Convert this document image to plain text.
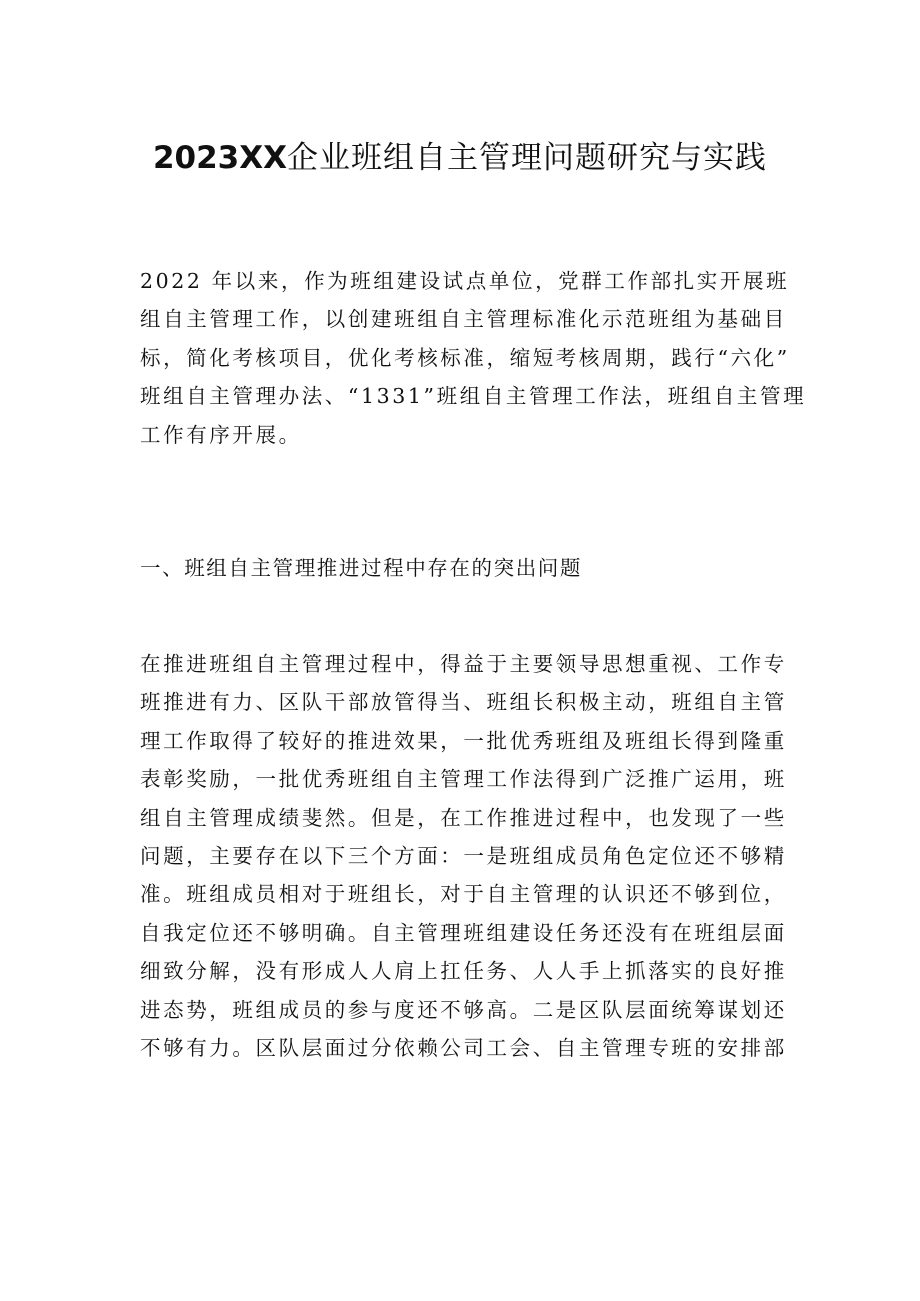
2023XX企业班组自主管理问题研究与实践
2022 年以来，作为班组建设试点单位，党群工作部扎实开展班
组自主管理工作，以创建班组自主管理标准化示范班组为基础目
标，简化考核项目，优化考核标准，缩短考核周期，践行“六化”
班组自主管理办法、“1331”班组自主管理工作法，班组自主管理
工作有序开展。
一、班组自主管理推进过程中存在的突出问题
在推进班组自主管理过程中，得益于主要领导思想重视、工作专
班推进有力、区队干部放管得当、班组长积极主动，班组自主管
理工作取得了较好的推进效果，一批优秀班组及班组长得到隆重
表彰奖励，一批优秀班组自主管理工作法得到广泛推广运用，班
组自主管理成绩斐然。但是，在工作推进过程中，也发现了一些
问题，主要存在以下三个方面：一是班组成员角色定位还不够精
准。班组成员相对于班组长，对于自主管理的认识还不够到位，
自我定位还不够明确。自主管理班组建设任务还没有在班组层面
细致分解，没有形成人人肩上扛任务、人人手上抓落实的良好推
进态势，班组成员的参与度还不够高。二是区队层面统筹谋划还
不够有力。区队层面过分依赖公司工会、自主管理专班的安排部
